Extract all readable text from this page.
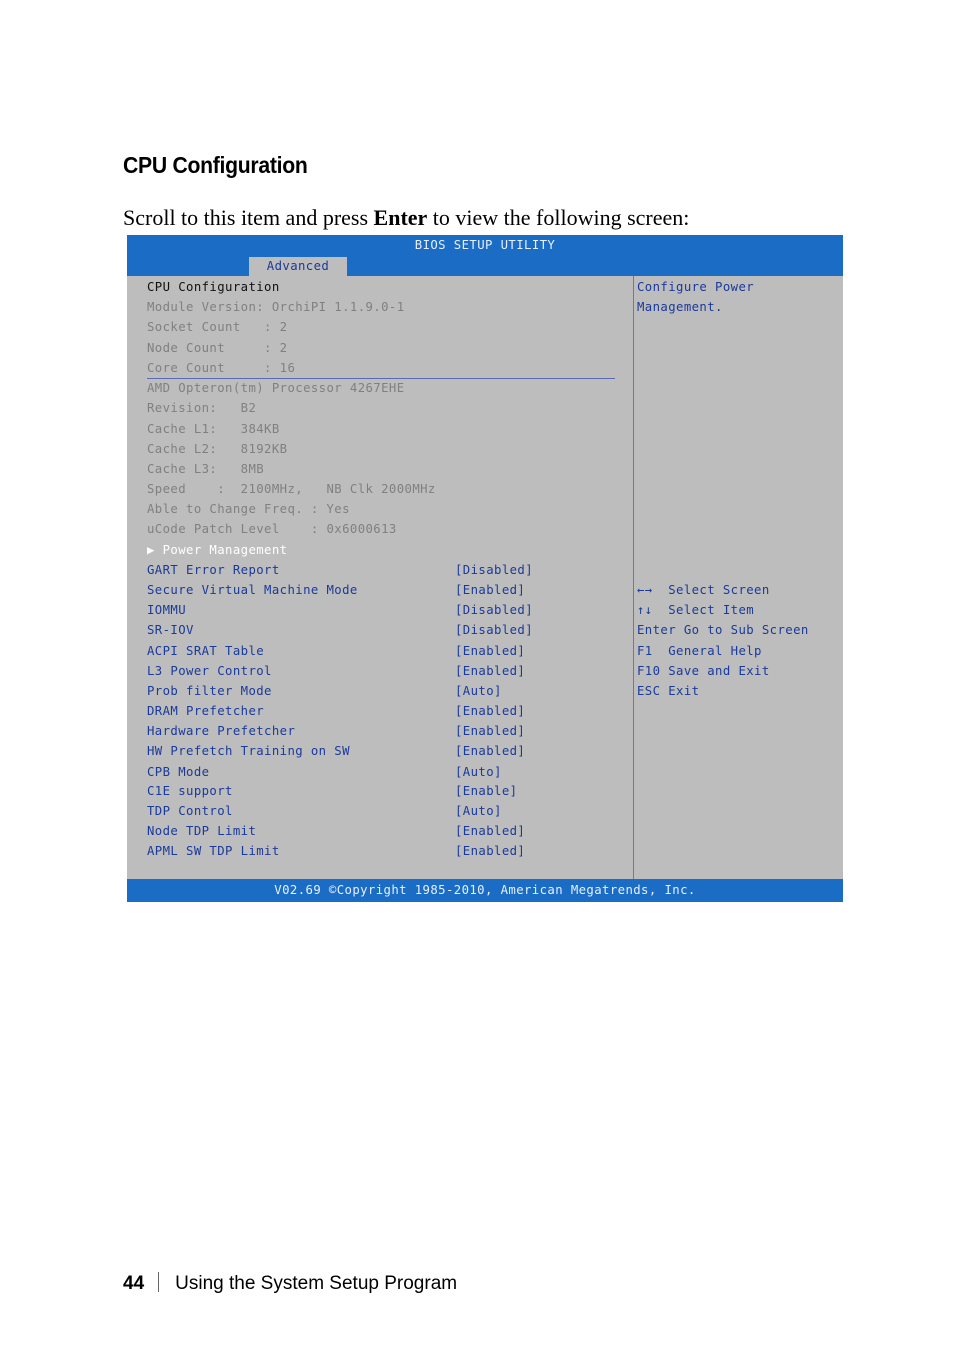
CPU Configuration
Scroll to this item and press Enter to view the following screen:
BIOS SETUP UTILITY
Advanced
CPU Configuration
Module Version: OrchiPI 1.1.9.0-1
Socket Count   : 2
Node Count     : 2
Core Count     : 16
AMD Opteron(tm) Processor 4267EHE
Revision:   B2
Cache L1:   384KB
Cache L2:   8192KB
Cache L3:   8MB
Speed    :  2100MHz,   NB Clk 2000MHz
Able to Change Freq. : Yes
uCode Patch Level    : 0x6000613
▶ Power Management
GART Error Report	[Disabled]
Secure Virtual Machine Mode	[Enabled]
IOMMU	[Disabled]
SR-IOV	[Disabled]
ACPI SRAT Table	[Enabled]
L3 Power Control	[Enabled]
Prob filter Mode	[Auto]
DRAM Prefetcher	[Enabled]
Hardware Prefetcher	[Enabled]
HW Prefetch Training on SW	[Enabled]
CPB Mode	[Auto]
C1E support	[Enable]
TDP Control	[Auto]
Node TDP Limit	[Enabled]
APML SW TDP Limit	[Enabled]
Configure Power
Management.
←→  Select Screen
↑↓  Select Item
Enter Go to Sub Screen
F1  General Help
F10 Save and Exit
ESC Exit
V02.69 ©Copyright 1985-2010, American Megatrends, Inc.
44 Using the System Setup Program
